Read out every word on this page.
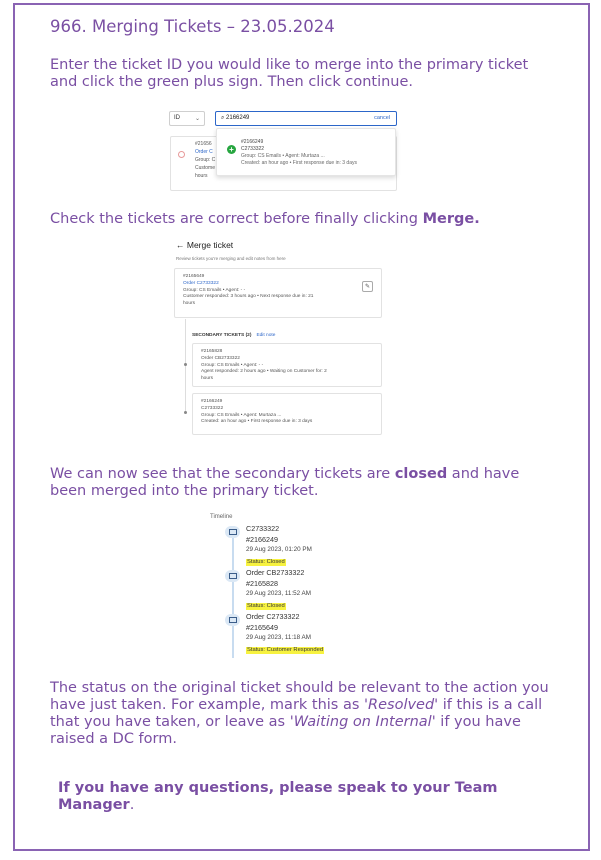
966. Merging Tickets – 23.05.2024
Enter the ticket ID you would like to merge into the primary ticket and click the green plus sign. Then click continue.
ID ⌄	⌕ 2166249	cancel
#21656
Order C
Group: C
Custome
hours
+
#2166249
C2733322
Group: CS Emails • Agent: Murtaza ...
Created: an hour ago • First response due in: 3 days
Check the tickets are correct before finally clicking Merge.
← Merge ticket
Review tickets you're merging and edit notes from here
#2165649
Order C2733322
Group: CS Emails • Agent: - -
Customer responded: 3 hours ago • Next response due in: 21
hours
✎
SECONDARY TICKETS (2) Edit note
#2165828
Order CB2733322
Group: CS Emails • Agent: - -
Agent responded: 2 hours ago • Waiting on Customer for: 2
hours
#2166249
C2733322
Group: CS Emails • Agent: Murtaza ...
Created: an hour ago • First response due in: 3 days
We can now see that the secondary tickets are closed and have been merged into the primary ticket.
Timeline
C2733322
#2166249
29 Aug 2023, 01:20 PM
Status: Closed
Order CB2733322
#2165828
29 Aug 2023, 11:52 AM
Status: Closed
Order C2733322
#2165649
29 Aug 2023, 11:18 AM
Status: Customer Responded
The status on the original ticket should be relevant to the action you have just taken. For example, mark this as 'Resolved' if this is a call that you have taken, or leave as 'Waiting on Internal' if you have raised a DC form.
If you have any questions, please speak to your Team Manager.
